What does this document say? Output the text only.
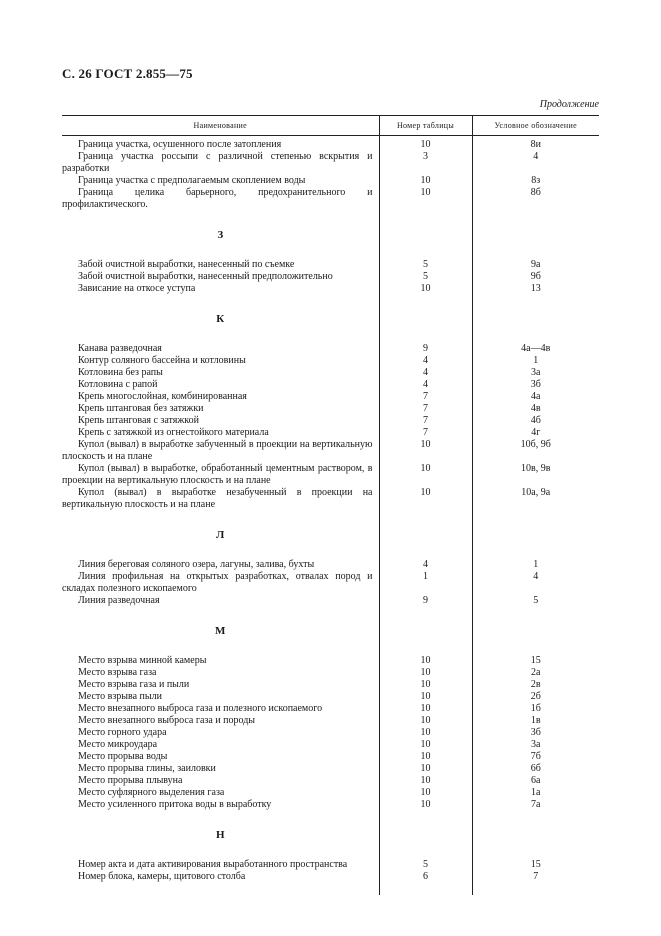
С. 26 ГОСТ 2.855—75
Продолжение
Наименование	Номер таблицы	Условное обозначение
Граница участка, осушенного после затопления	10	8и
Граница участка россыпи с различной степенью вскрытия и разработки	3	4
Граница участка с предполагаемым скоплением воды	10	8з
Граница целика барьерного, предохранительного и профилактического.	10	8б
З		
Забой очистной выработки, нанесенный по съемке	5	9а
Забой очистной выработки, нанесенный предположительно	5	9б
Зависание на откосе уступа	10	13
К		
Канава разведочная	9	4а—4в
Контур соляного бассейна и котловины	4	1
Котловина без рапы	4	3а
Котловина с рапой	4	3б
Крепь многослойная, комбинированная	7	4а
Крепь штанговая без затяжки	7	4в
Крепь штанговая с затяжкой	7	4б
Крепь с затяжкой из огнестойкого материала	7	4г
Купол (вывал) в выработке забученный в проекции на вертикальную плоскость и на плане	10	10б, 9б
Купол (вывал) в выработке, обработанный цементным раствором, в проекции на вертикальную плоскость и на плане	10	10в, 9в
Купол (вывал) в выработке незабученный в проекции на вертикальную плоскость и на плане	10	10а, 9а
Л		
Линия береговая соляного озера, лагуны, залива, бухты	4	1
Линия профильная на открытых разработках, отвалах пород и складах полезного ископаемого	1	4
Линия разведочная	9	5
М		
Место взрыва минной камеры	10	15
Место взрыва газа	10	2а
Место взрыва газа и пыли	10	2в
Место взрыва пыли	10	2б
Место внезапного выброса газа и полезного ископаемого	10	1б
Место внезапного выброса газа и породы	10	1в
Место горного удара	10	3б
Место микроудара	10	3а
Место прорыва воды	10	7б
Место прорыва глины, заиловки	10	6б
Место прорыва плывуна	10	6а
Место суфлярного выделения газа	10	1а
Место усиленного притока воды в выработку	10	7а
Н		
Номер акта и дата активирования выработанного пространства	5	15
Номер блока, камеры, щитового столба	6	7
